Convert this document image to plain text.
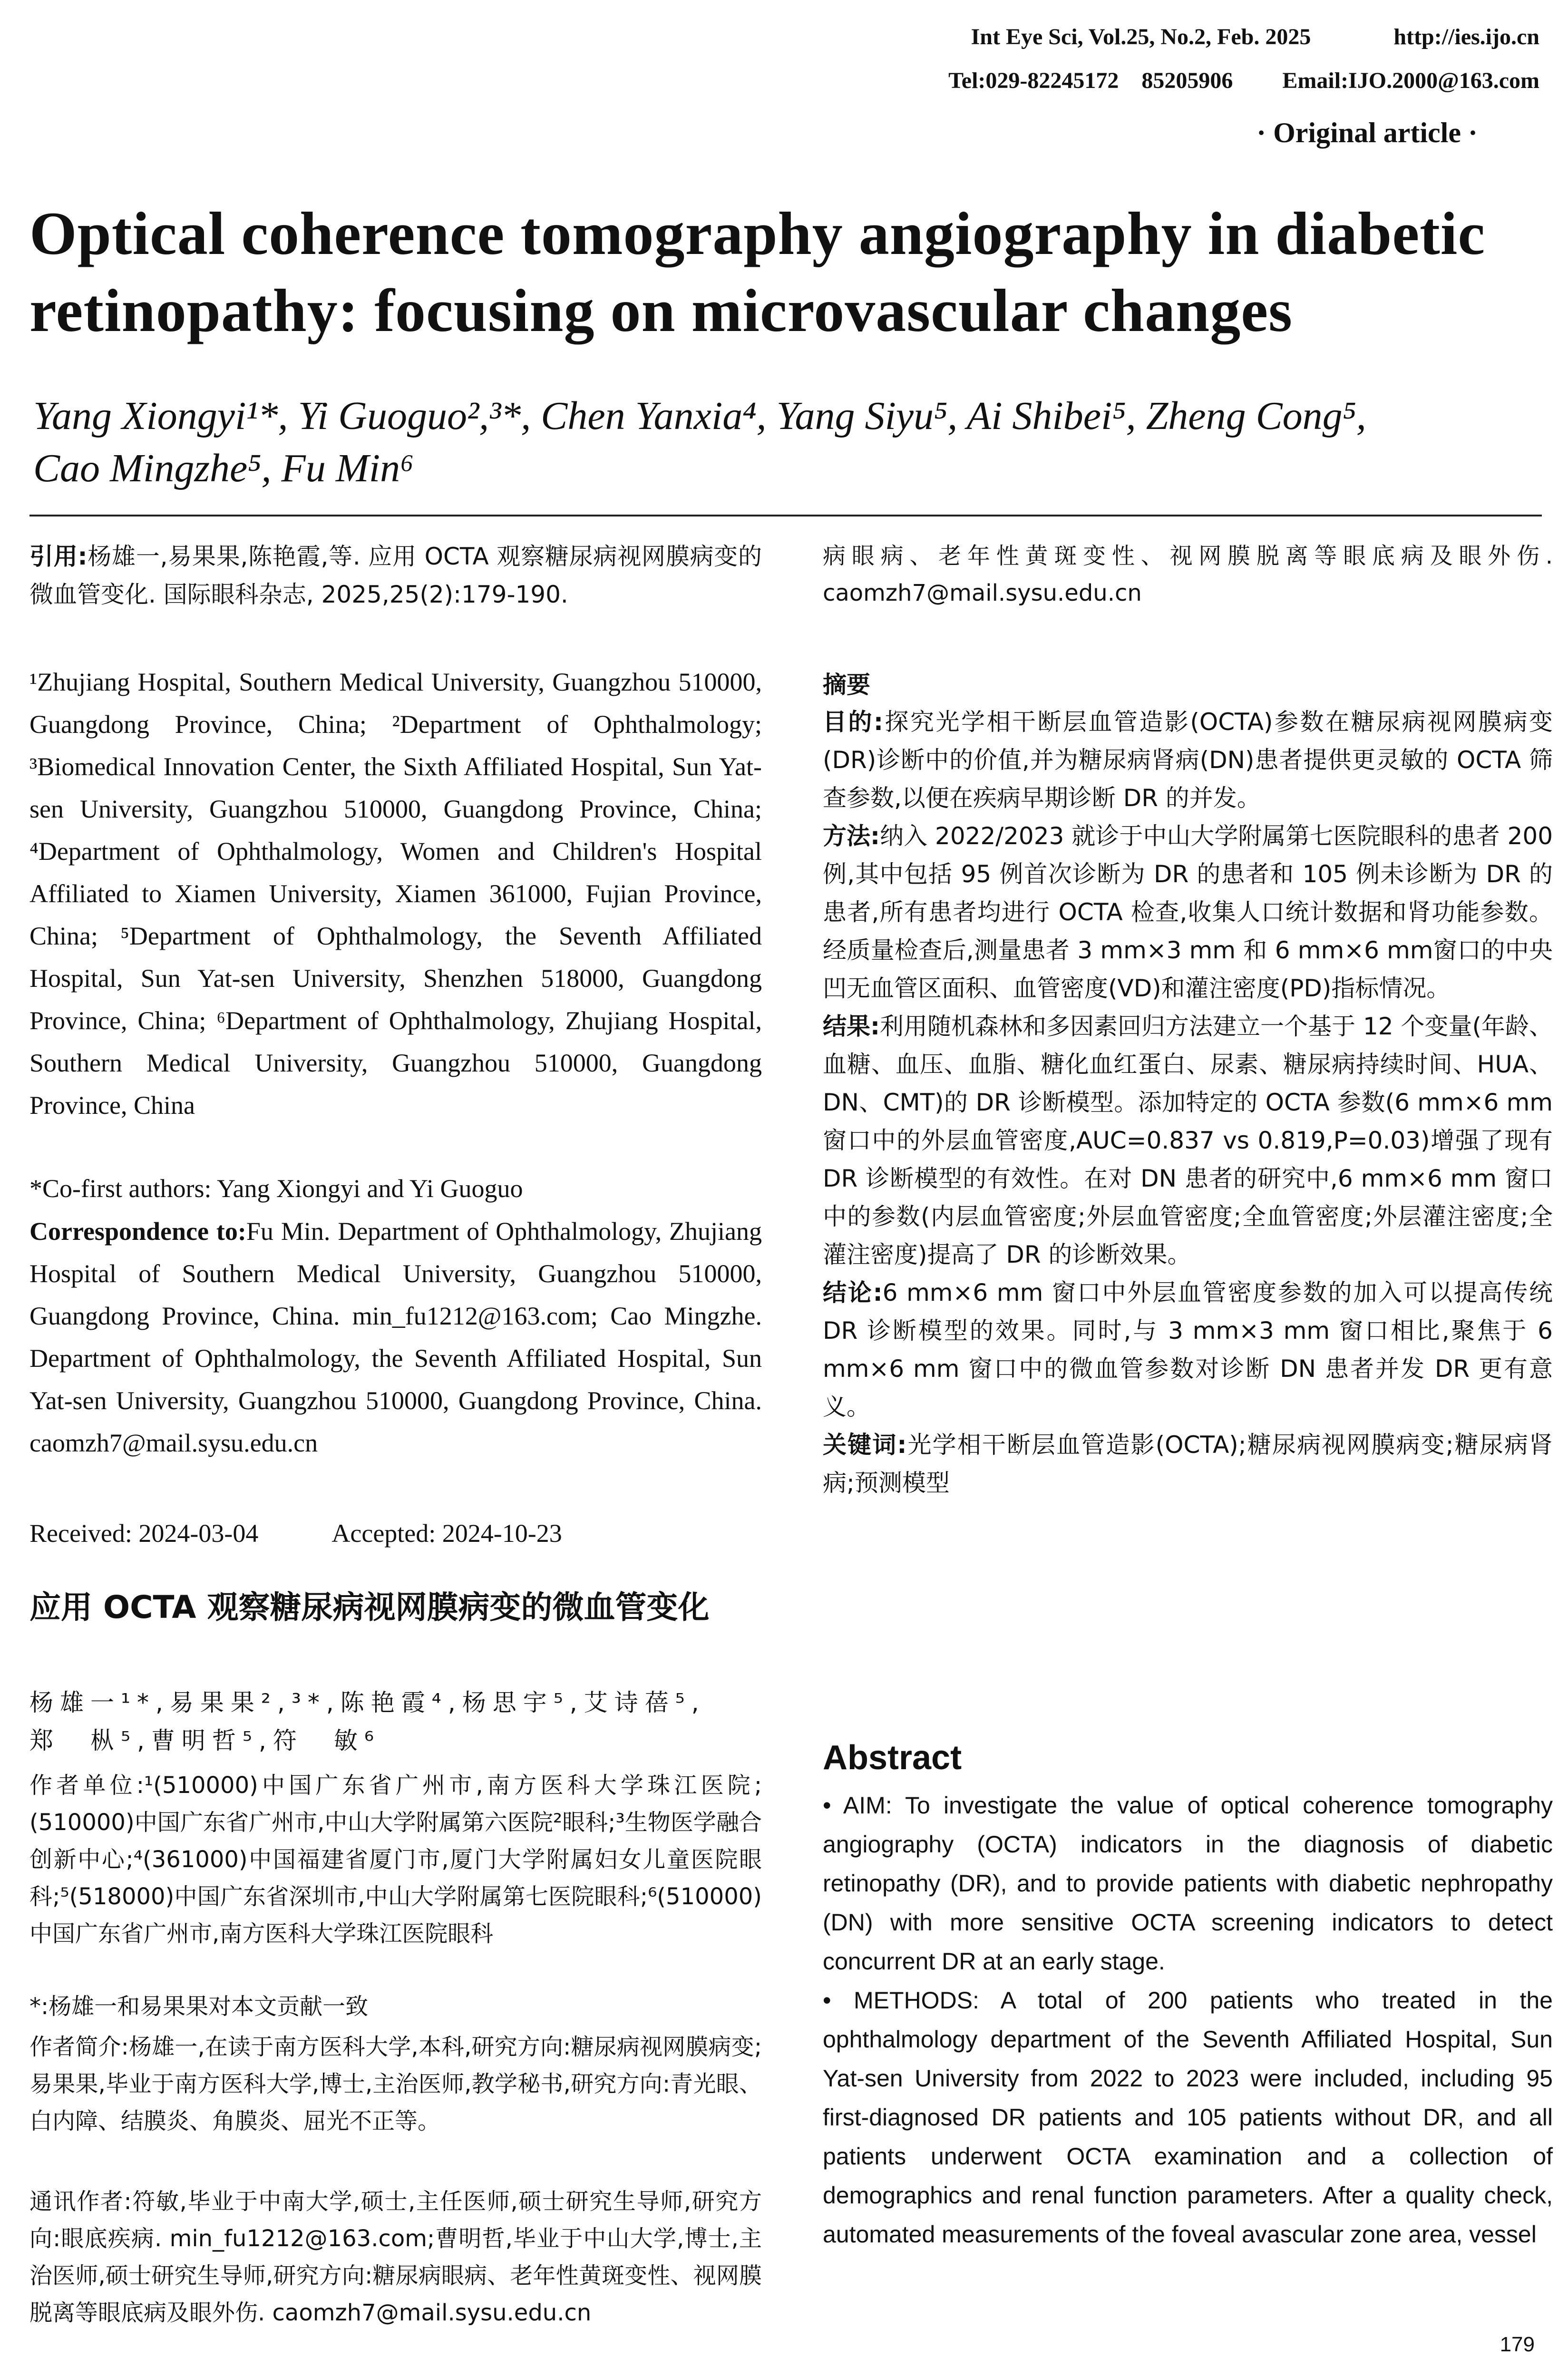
Int Eye Sci, Vol.25, No.2, Feb. 2025	http://ies.ijo.cn
Tel:029-82245172　85205906 Email:IJO.2000@163.com
· Original article ·
Optical coherence tomography angiography in diabetic retinopathy: focusing on microvascular changes
Yang Xiongyi¹*, Yi Guoguo²,³*, Chen Yanxia⁴, Yang Siyu⁵, Ai Shibei⁵, Zheng Cong⁵,
Cao Mingzhe⁵, Fu Min⁶
引用:杨雄一,易果果,陈艳霞,等. 应用 OCTA 观察糖尿病视网膜病变的微血管变化. 国际眼科杂志, 2025,25(2):179-190.
¹Zhujiang Hospital, Southern Medical University, Guangzhou 510000, Guangdong Province, China; ²Department of Ophthalmology; ³Biomedical Innovation Center, the Sixth Affiliated Hospital, Sun Yat-sen University, Guangzhou 510000, Guangdong Province, China; ⁴Department of Ophthalmology, Women and Children's Hospital Affiliated to Xiamen University, Xiamen 361000, Fujian Province, China; ⁵Department of Ophthalmology, the Seventh Affiliated Hospital, Sun Yat-sen University, Shenzhen 518000, Guangdong Province, China; ⁶Department of Ophthalmology, Zhujiang Hospital, Southern Medical University, Guangzhou 510000, Guangdong Province, China
*Co-first authors: Yang Xiongyi and Yi Guoguo
Correspondence to:Fu Min. Department of Ophthalmology, Zhujiang Hospital of Southern Medical University, Guangzhou 510000, Guangdong Province, China. min_fu1212@163.com; Cao Mingzhe. Department of Ophthalmology, the Seventh Affiliated Hospital, Sun Yat-sen University, Guangzhou 510000, Guangdong Province, China. caomzh7@mail.sysu.edu.cn
Received: 2024-03-04	Accepted: 2024-10-23
应用 OCTA 观察糖尿病视网膜病变的微血管变化
杨雄一¹*,易果果²,³*,陈艳霞⁴,杨思宇⁵,艾诗蓓⁵,
郑　枞⁵,曹明哲⁵,符　敏⁶
作者单位:¹(510000)中国广东省广州市,南方医科大学珠江医院;(510000)中国广东省广州市,中山大学附属第六医院²眼科;³生物医学融合创新中心;⁴(361000)中国福建省厦门市,厦门大学附属妇女儿童医院眼科;⁵(518000)中国广东省深圳市,中山大学附属第七医院眼科;⁶(510000)中国广东省广州市,南方医科大学珠江医院眼科
*:杨雄一和易果果对本文贡献一致
作者简介:杨雄一,在读于南方医科大学,本科,研究方向:糖尿病视网膜病变;易果果,毕业于南方医科大学,博士,主治医师,教学秘书,研究方向:青光眼、白内障、结膜炎、角膜炎、屈光不正等。
通讯作者:符敏,毕业于中南大学,硕士,主任医师,硕士研究生导师,研究方向:眼底疾病. min_fu1212@163.com;曹明哲,毕业于中山大学,博士,主治医师,硕士研究生导师,研究方向:糖尿病眼病、老年性黄斑变性、视网膜脱离等眼底病及眼外伤. caomzh7@mail.sysu.edu.cn
病眼病、老年性黄斑变性、视网膜脱离等眼底病及眼外伤. caomzh7@mail.sysu.edu.cn
摘要

目的:探究光学相干断层血管造影(OCTA)参数在糖尿病视网膜病变(DR)诊断中的价值,并为糖尿病肾病(DN)患者提供更灵敏的 OCTA 筛查参数,以便在疾病早期诊断 DR 的并发。

方法:纳入 2022/2023 就诊于中山大学附属第七医院眼科的患者 200 例,其中包括 95 例首次诊断为 DR 的患者和 105 例未诊断为 DR 的患者,所有患者均进行 OCTA 检查,收集人口统计数据和肾功能参数。经质量检查后,测量患者 3 mm×3 mm 和 6 mm×6 mm窗口的中央凹无血管区面积、血管密度(VD)和灌注密度(PD)指标情况。

结果:利用随机森林和多因素回归方法建立一个基于 12 个变量(年龄、血糖、血压、血脂、糖化血红蛋白、尿素、糖尿病持续时间、HUA、DN、CMT)的 DR 诊断模型。添加特定的 OCTA 参数(6 mm×6 mm 窗口中的外层血管密度,AUC=0.837 vs 0.819,P=0.03)增强了现有 DR 诊断模型的有效性。在对 DN 患者的研究中,6 mm×6 mm 窗口中的参数(内层血管密度;外层血管密度;全血管密度;外层灌注密度;全灌注密度)提高了 DR 的诊断效果。

结论:6 mm×6 mm 窗口中外层血管密度参数的加入可以提高传统 DR 诊断模型的效果。同时,与 3 mm×3 mm 窗口相比,聚焦于 6 mm×6 mm 窗口中的微血管参数对诊断 DN 患者并发 DR 更有意义。

关键词:光学相干断层血管造影(OCTA);糖尿病视网膜病变;糖尿病肾病;预测模型

Abstract

• AIM: To investigate the value of optical coherence tomography angiography (OCTA) indicators in the diagnosis of diabetic retinopathy (DR), and to provide patients with diabetic nephropathy (DN) with more sensitive OCTA screening indicators to detect concurrent DR at an early stage.

• METHODS: A total of 200 patients who treated in the ophthalmology department of the Seventh Affiliated Hospital, Sun Yat-sen University from 2022 to 2023 were included, including 95 first-diagnosed DR patients and 105 patients without DR, and all patients underwent OCTA examination and a collection of demographics and renal function parameters. After a quality check, automated measurements of the foveal avascular zone area, vessel

179
